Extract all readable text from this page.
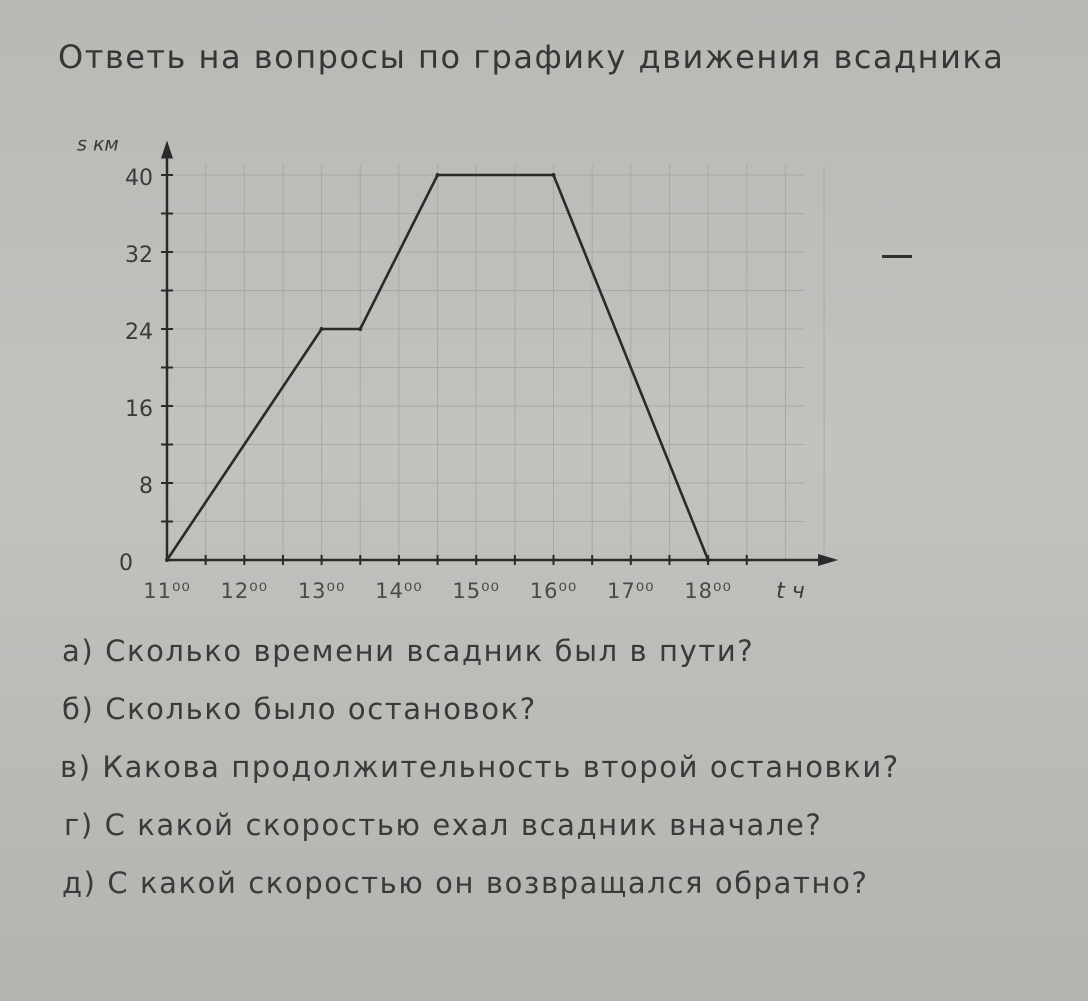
Ответь на вопросы по графику движения всадника
0
8
16
24
32
40
11⁰⁰ 12⁰⁰ 13⁰⁰ 14⁰⁰ 15⁰⁰ 16⁰⁰ 17⁰⁰ 18⁰⁰
s км
t ч
а) Сколько времени всадник был в пути?
б) Сколько было остановок?
в) Какова продолжительность второй остановки?
г) С какой скоростью ехал всадник вначале?
д) С какой скоростью он возвращался обратно?
